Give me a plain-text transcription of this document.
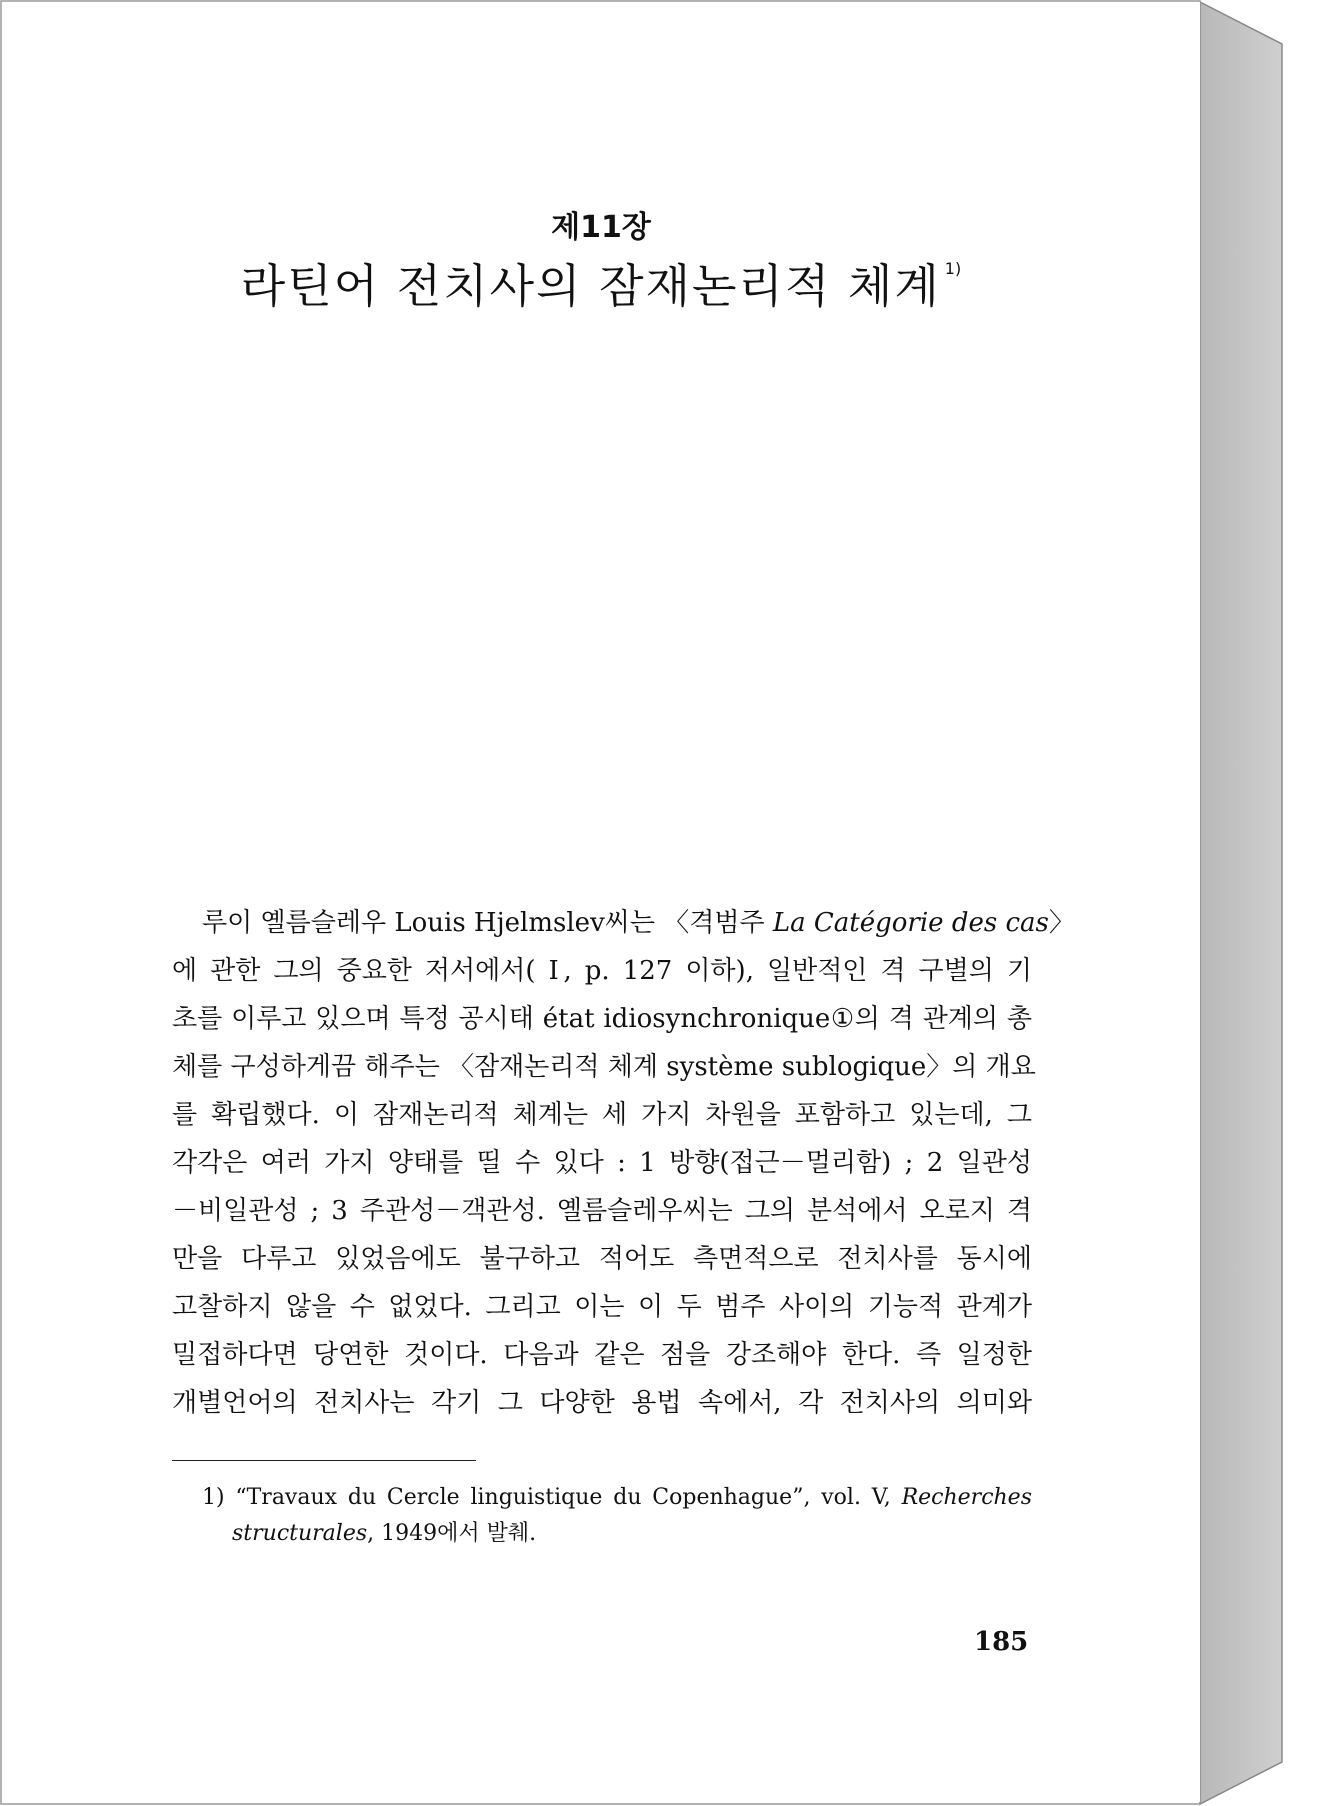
제11장
라틴어 전치사의 잠재논리적 체계 $^{1)}$
루이 옐름슬레우 Louis Hjelmslev씨는 〈격범주 La Catégorie des cas〉
에 관한 그의 중요한 저서에서( Ⅰ, p. 127 이하), 일반적인 격 구별의 기
초를 이루고 있으며 특정 공시태 état idiosynchronique①의 격 관계의 총
체를 구성하게끔 해주는 〈잠재논리적 체계 système sublogique〉의 개요
를 확립했다. 이 잠재논리적 체계는 세 가지 차원을 포함하고 있는데, 그
각각은 여러 가지 양태를 띨 수 있다 : 1 방향(접근－멀리함) ; 2 일관성
－비일관성 ; 3 주관성－객관성. 옐름슬레우씨는 그의 분석에서 오로지 격
만을 다루고 있었음에도 불구하고 적어도 측면적으로 전치사를 동시에
고찰하지 않을 수 없었다. 그리고 이는 이 두 범주 사이의 기능적 관계가
밀접하다면 당연한 것이다. 다음과 같은 점을 강조해야 한다. 즉 일정한
개별언어의 전치사는 각기 그 다양한 용법 속에서, 각 전치사의 의미와
1) “Travaux du Cercle linguistique du Copenhague”, vol. V, Recherches
structurales, 1949에서 발췌.
185
